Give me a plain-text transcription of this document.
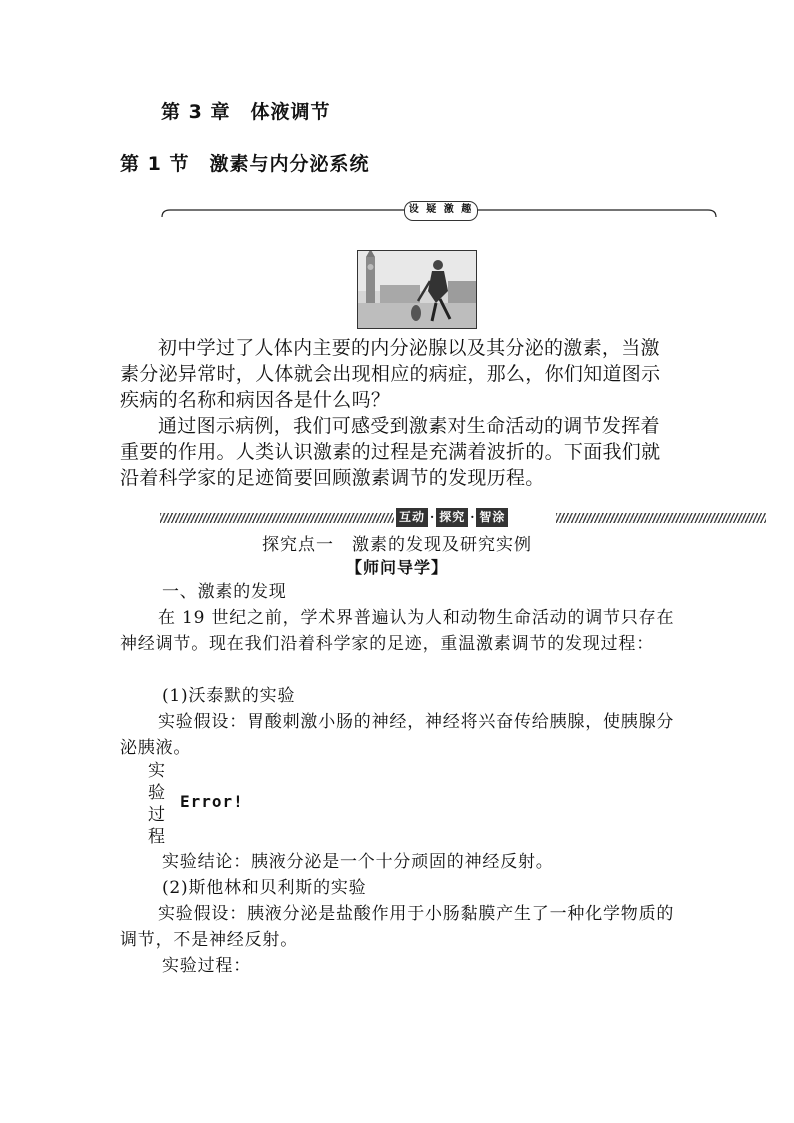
第 3 章　体液调节
第 1 节　激素与内分泌系统
设 疑 激 趣

初中学过了人体内主要的内分泌腺以及其分泌的激素，当激素分泌异常时，人体就会出现相应的病症，那么，你们知道图示疾病的名称和病因各是什么吗？

通过图示病例，我们可感受到激素对生命活动的调节发挥着重要的作用。人类认识激素的过程是充满着波折的。下面我们就沿着科学家的足迹简要回顾激素调节的发现历程。

互动 · 探究 · 智涂
探究点一　激素的发现及研究实例
【师问导学】
一、激素的发现

在 19 世纪之前，学术界普遍认为人和动物生命活动的调节只存在神经调节。现在我们沿着科学家的足迹，重温激素调节的发现过程：

(1)沃泰默的实验

实验假设：胃酸刺激小肠的神经，神经将兴奋传给胰腺，使胰腺分泌胰液。

实
验
过
程
Error!
实验结论：胰液分泌是一个十分顽固的神经反射。
(2)斯他林和贝利斯的实验

实验假设：胰液分泌是盐酸作用于小肠黏膜产生了一种化学物质的调节，不是神经反射。

实验过程：
